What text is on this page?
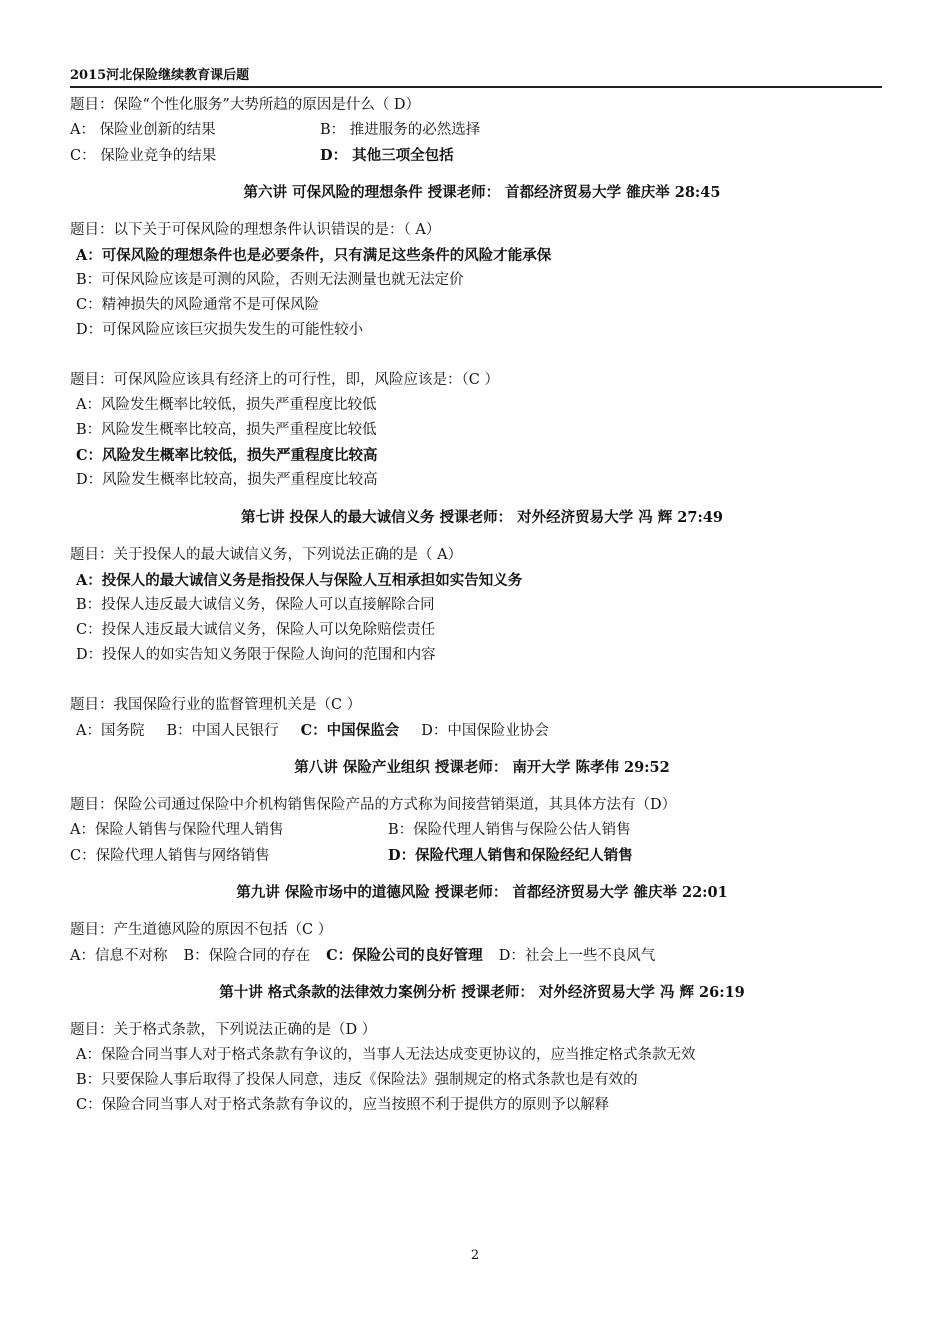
2015河北保险继续教育课后题
题目：保险“个性化服务”大势所趋的原因是什么（ D）
A： 保险业创新的结果	B： 推进服务的必然选择
C： 保险业竞争的结果	D： 其他三项全包括
第六讲 可保风险的理想条件 授课老师： 首都经济贸易大学 雒庆举 28:45
题目：以下关于可保风险的理想条件认识错误的是：（ A）
A：可保风险的理想条件也是必要条件，只有满足这些条件的风险才能承保
B：可保风险应该是可测的风险，否则无法测量也就无法定价
C：精神损失的风险通常不是可保风险
D：可保风险应该巨灾损失发生的可能性较小
题目：可保风险应该具有经济上的可行性，即，风险应该是：（C ）
A：风险发生概率比较低，损失严重程度比较低
B：风险发生概率比较高，损失严重程度比较低
C：风险发生概率比较低，损失严重程度比较高
D：风险发生概率比较高，损失严重程度比较高
第七讲 投保人的最大诚信义务 授课老师： 对外经济贸易大学 冯 辉 27:49
题目：关于投保人的最大诚信义务，下列说法正确的是（ A）
A：投保人的最大诚信义务是指投保人与保险人互相承担如实告知义务
B：投保人违反最大诚信义务，保险人可以直接解除合同
C：投保人违反最大诚信义务，保险人可以免除赔偿责任
D：投保人的如实告知义务限于保险人询问的范围和内容
题目：我国保险行业的监督管理机关是（C ）
A：国务院 B：中国人民银行 C：中国保监会 D：中国保险业协会
第八讲 保险产业组织 授课老师： 南开大学 陈孝伟 29:52
题目：保险公司通过保险中介机构销售保险产品的方式称为间接营销渠道，其具体方法有（D）
A：保险人销售与保险代理人销售	B：保险代理人销售与保险公估人销售
C：保险代理人销售与网络销售	D：保险代理人销售和保险经纪人销售
第九讲 保险市场中的道德风险 授课老师： 首都经济贸易大学 雒庆举 22:01
题目：产生道德风险的原因不包括（C ）
A：信息不对称 B：保险合同的存在 C：保险公司的良好管理 D：社会上一些不良风气
第十讲 格式条款的法律效力案例分析 授课老师： 对外经济贸易大学 冯 辉 26:19
题目：关于格式条款，下列说法正确的是（D ）
A：保险合同当事人对于格式条款有争议的，当事人无法达成变更协议的，应当推定格式条款无效
B：只要保险人事后取得了投保人同意，违反《保险法》强制规定的格式条款也是有效的
C：保险合同当事人对于格式条款有争议的，应当按照不利于提供方的原则予以解释
2
